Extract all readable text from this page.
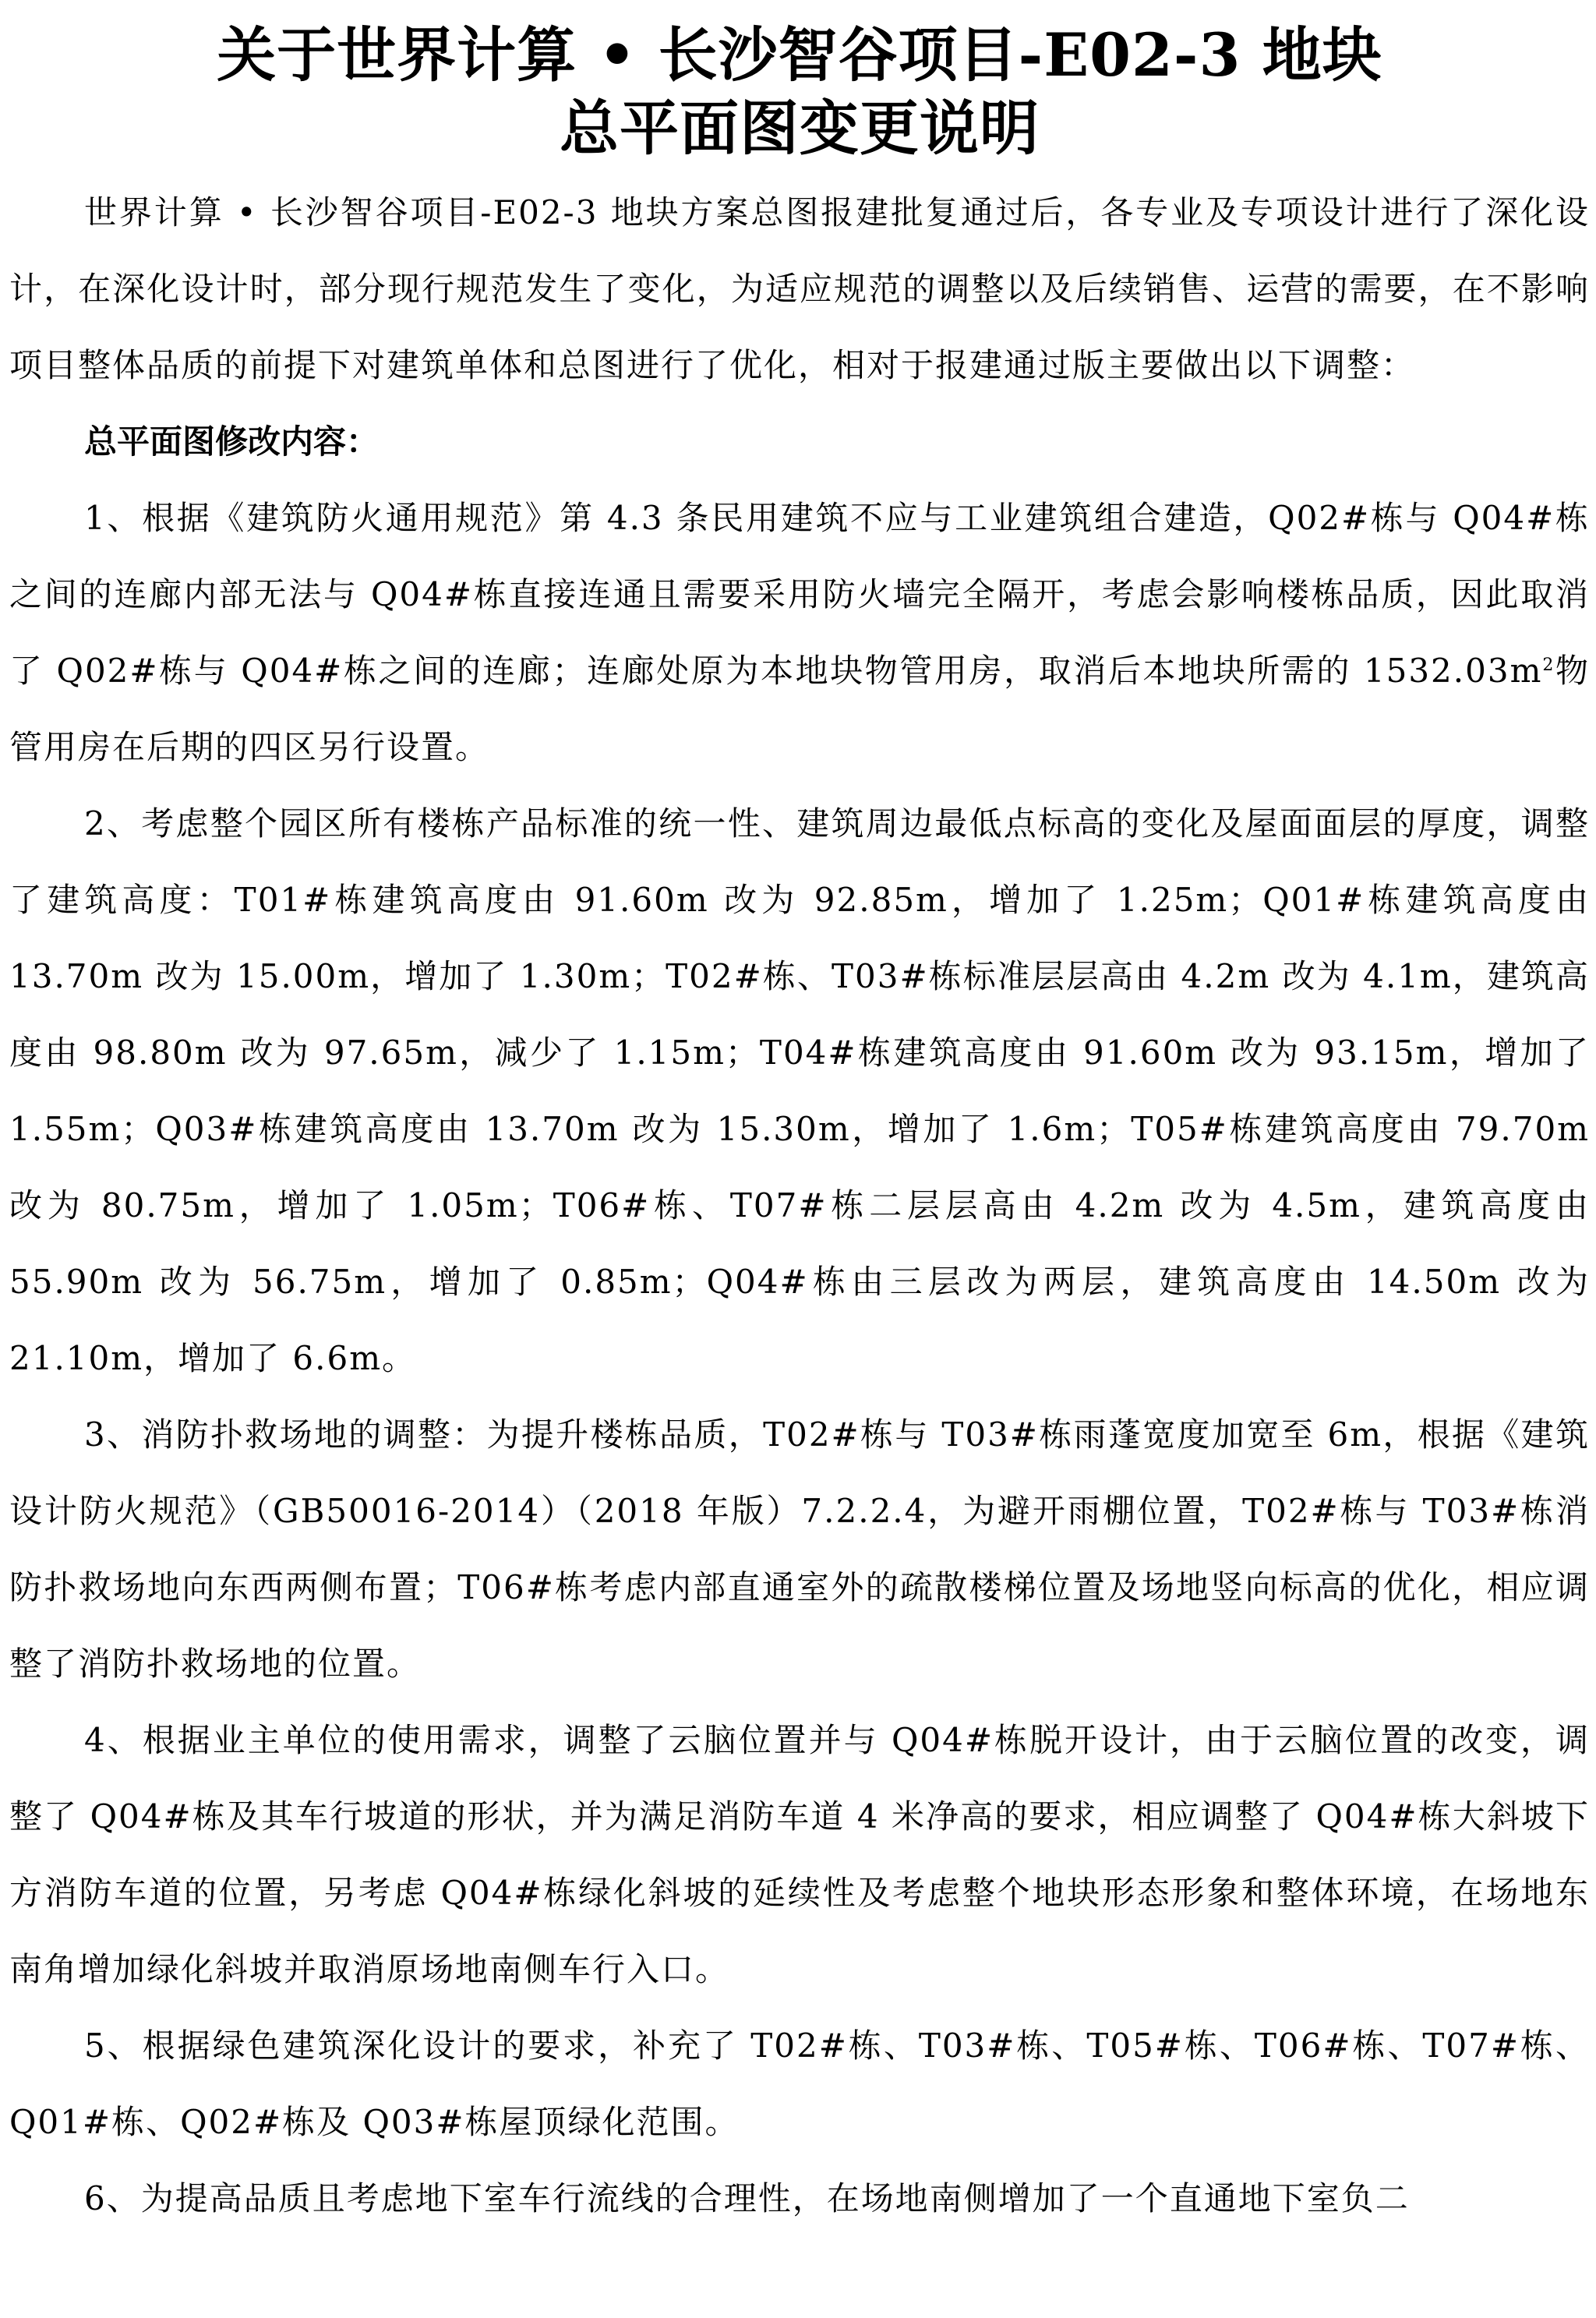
关于世界计算 • 长沙智谷项目-E02-3 地块
总平面图变更说明

世界计算 • 长沙智谷项目-E02-3 地块方案总图报建批复通过后，各专业及专项设计进行了深化设计，在深化设计时，部分现行规范发生了变化，为适应规范的调整以及后续销售、运营的需要，在不影响项目整体品质的前提下对建筑单体和总图进行了优化，相对于报建通过版主要做出以下调整：

总平面图修改内容：

1、根据《建筑防火通用规范》第 4.3 条民用建筑不应与工业建筑组合建造，Q02#栋与 Q04#栋之间的连廊内部无法与 Q04#栋直接连通且需要采用防火墙完全隔开，考虑会影响楼栋品质，因此取消了 Q02#栋与 Q04#栋之间的连廊；连廊处原为本地块物管用房，取消后本地块所需的 $1532.03m^2$物管用房在后期的四区另行设置。

2、考虑整个园区所有楼栋产品标准的统一性、建筑周边最低点标高的变化及屋面面层的厚度，调整了建筑高度：T01#栋建筑高度由 91.60m 改为 92.85m，增加了 1.25m；Q01#栋建筑高度由 13.70m 改为 15.00m，增加了 1.30m；T02#栋、T03#栋标准层层高由 4.2m 改为 4.1m，建筑高度由 98.80m 改为 97.65m，减少了 1.15m；T04#栋建筑高度由 91.60m 改为 93.15m，增加了 1.55m；Q03#栋建筑高度由 13.70m 改为 15.30m，增加了 1.6m；T05#栋建筑高度由 79.70m 改为 80.75m，增加了 1.05m；T06#栋、T07#栋二层层高由 4.2m 改为 4.5m，建筑高度由 55.90m 改为 56.75m，增加了 0.85m；Q04#栋由三层改为两层，建筑高度由 14.50m 改为 21.10m，增加了 6.6m。

3、消防扑救场地的调整：为提升楼栋品质，T02#栋与 T03#栋雨蓬宽度加宽至 6m，根据《建筑设计防火规范》（GB50016-2014）（2018 年版）7.2.2.4，为避开雨棚位置，T02#栋与 T03#栋消防扑救场地向东西两侧布置；T06#栋考虑内部直通室外的疏散楼梯位置及场地竖向标高的优化，相应调整了消防扑救场地的位置。

4、根据业主单位的使用需求，调整了云脑位置并与 Q04#栋脱开设计，由于云脑位置的改变，调整了 Q04#栋及其车行坡道的形状，并为满足消防车道 4 米净高的要求，相应调整了 Q04#栋大斜坡下方消防车道的位置，另考虑 Q04#栋绿化斜坡的延续性及考虑整个地块形态形象和整体环境，在场地东南角增加绿化斜坡并取消原场地南侧车行入口。

5、根据绿色建筑深化设计的要求，补充了 T02#栋、T03#栋、T05#栋、T06#栋、T07#栋、Q01#栋、Q02#栋及 Q03#栋屋顶绿化范围。

6、为提高品质且考虑地下室车行流线的合理性，在场地南侧增加了一个直通地下室负二
